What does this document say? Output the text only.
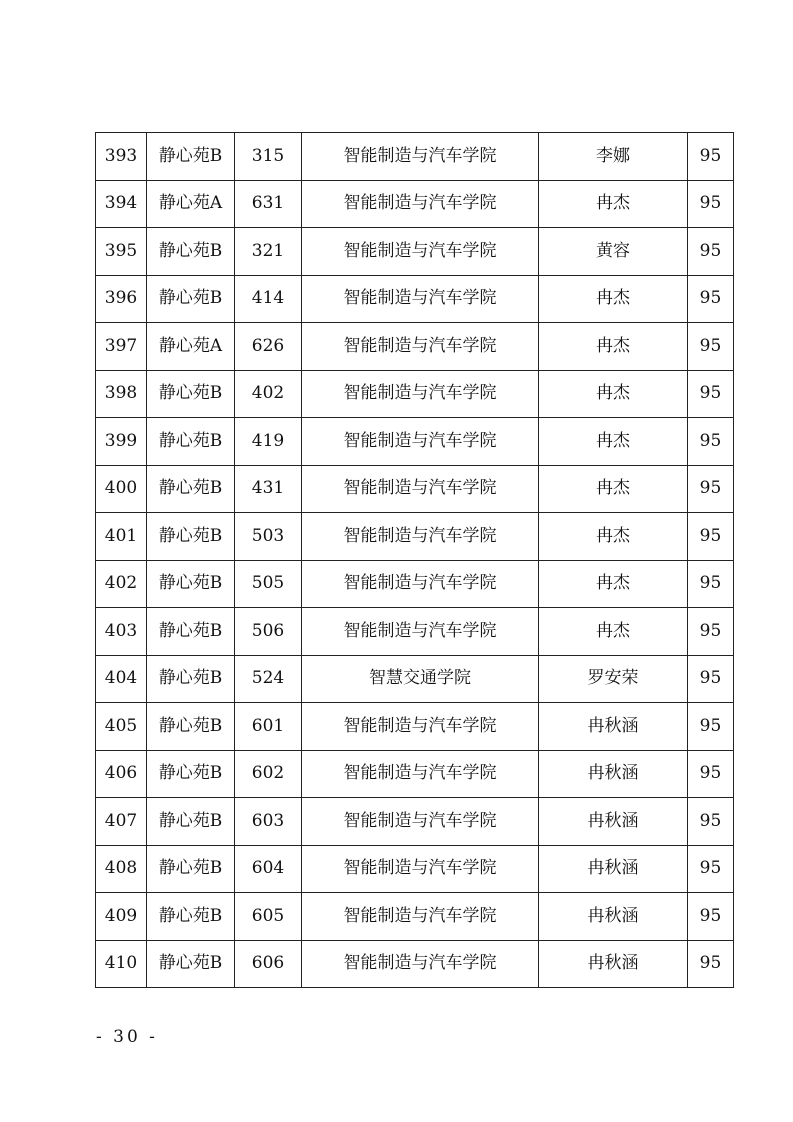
393	静心苑B	315	智能制造与汽车学院	李娜	95
394	静心苑A	631	智能制造与汽车学院	冉杰	95
395	静心苑B	321	智能制造与汽车学院	黄容	95
396	静心苑B	414	智能制造与汽车学院	冉杰	95
397	静心苑A	626	智能制造与汽车学院	冉杰	95
398	静心苑B	402	智能制造与汽车学院	冉杰	95
399	静心苑B	419	智能制造与汽车学院	冉杰	95
400	静心苑B	431	智能制造与汽车学院	冉杰	95
401	静心苑B	503	智能制造与汽车学院	冉杰	95
402	静心苑B	505	智能制造与汽车学院	冉杰	95
403	静心苑B	506	智能制造与汽车学院	冉杰	95
404	静心苑B	524	智慧交通学院	罗安荣	95
405	静心苑B	601	智能制造与汽车学院	冉秋涵	95
406	静心苑B	602	智能制造与汽车学院	冉秋涵	95
407	静心苑B	603	智能制造与汽车学院	冉秋涵	95
408	静心苑B	604	智能制造与汽车学院	冉秋涵	95
409	静心苑B	605	智能制造与汽车学院	冉秋涵	95
410	静心苑B	606	智能制造与汽车学院	冉秋涵	95
- 30 -
